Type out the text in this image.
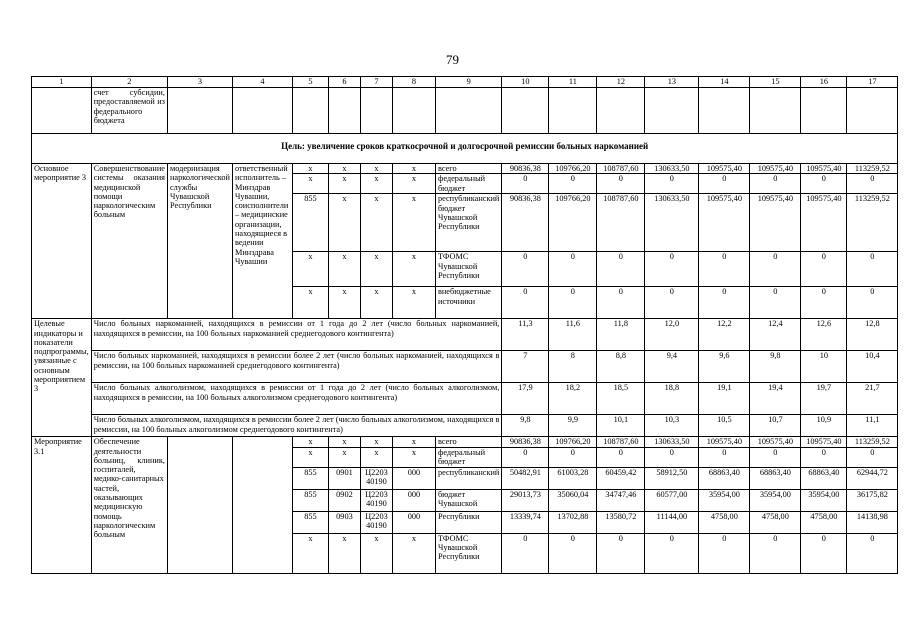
79
1	2	3	4	5	6	7	8	9	10	11	12	13	14	15	16	17
	счет субсидии, предоставляемой из федерального бюджета															
Цель: увеличение сроков краткосрочной и долгосрочной ремиссии больных наркоманией																
Основное мероприятие 3	Совершенствование системы оказания медицинской помощи наркологическим больным	модернизация наркологической службы Чувашской Республики	ответственный исполнитель – Минздрав Чувашии, соисполнители – медицинские организации, находящиеся в ведении Минздрава Чувашии	x	x	x	x	всего	90836,38	109766,20	108787,60	130633,50	109575,40	109575,40	109575,40	113259,52
				x	x	x	x	федеральный бюджет	0	0	0	0	0	0	0	0
				855	x	x	x	республиканский бюджет Чувашской Республики	90836,38	109766,20	108787,60	130633,50	109575,40	109575,40	109575,40	113259,52
				x	x	x	x	ТФОМС Чувашской Республики	0	0	0	0	0	0	0	0
				x	x	x	x	внебюджетные источники	0	0	0	0	0	0	0	0
Целевые индикаторы и показатели подпрограммы, увязанные с основным мероприятием 3	Число больных наркоманией, находящихся в ремиссии от 1 года до 2 лет (число больных наркоманией, находящихся в ремиссии, на 100 больных наркоманией среднегодового контингента)								11,3	11,6	11,8	12,0	12,2	12,4	12,6	12,8
	Число больных наркоманией, находящихся в ремиссии более 2 лет (число больных наркоманией, находящихся в ремиссии, на 100 больных наркоманией среднегодового контингента)								7	8	8,8	9,4	9,6	9,8	10	10,4
	Число больных алкоголизмом, находящихся в ремиссии от 1 года до 2 лет (число больных алкоголизмом, находящихся в ремиссии, на 100 больных алкоголизмом среднегодового контингента)								17,9	18,2	18,5	18,8	19,1	19,4	19,7	21,7
	Число больных алкоголизмом, находящихся в ремиссии более 2 лет (число больных алкоголизмом, находящихся в ремиссии, на 100 больных алкоголизмом среднегодового контингента)								9,8	9,9	10,1	10,3	10,5	10,7	10,9	11,1
Мероприятие 3.1	Обеспечение деятельности больниц, клиник, госпиталей, медико-санитарных частей, оказывающих медицинскую помощь наркологическим больным			x	x	x	x	всего	90836,38	109766,20	108787,60	130633,50	109575,40	109575,40	109575,40	113259,52
				x	x	x	x	федеральный бюджет	0	0	0	0	0	0	0	0
				855	0901	Ц2203 40190	000	республиканский	50482,91	61003,28	60459,42	58912,50	68863,40	68863,40	68863,40	62944,72
				855	0902	Ц2203 40190	000	бюджет Чувашской	29013,73	35060,04	34747,46	60577,00	35954,00	35954,00	35954,00	36175,82
				855	0903	Ц2203 40190	000	Республики	13339,74	13702,88	13580,72	11144,00	4758,00	4758,00	4758,00	14138,98
				x	x	x	x	ТФОМС Чувашской Республики	0	0	0	0	0	0	0	0
